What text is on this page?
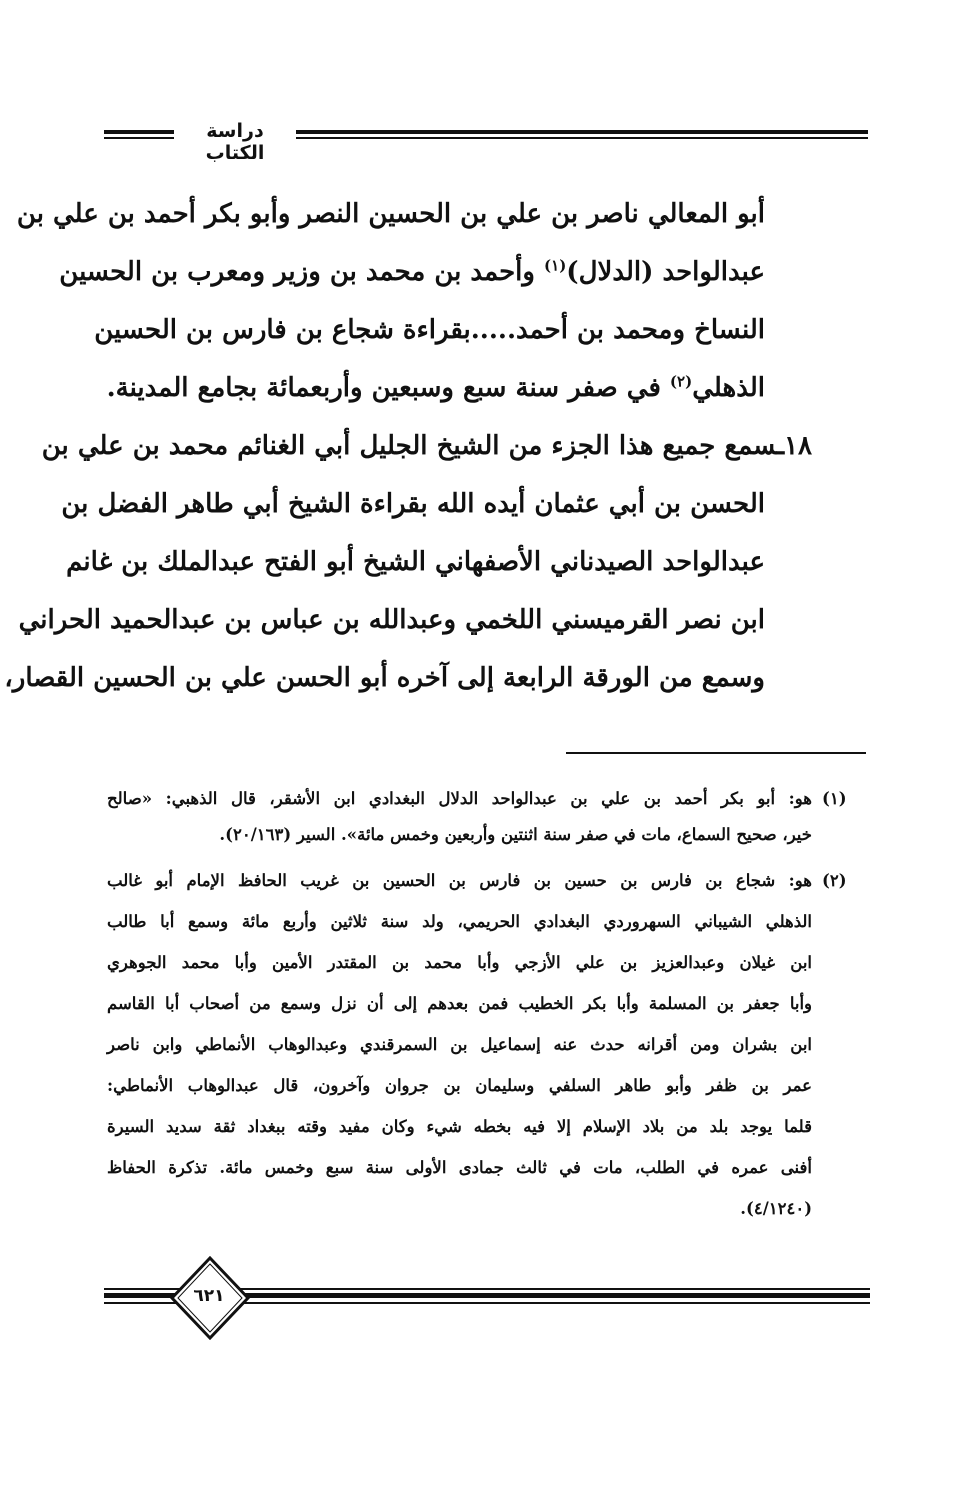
دراسة الكتاب
أبو المعالي ناصر بن علي بن الحسين النصر وأبو بكر أحمد بن علي بن
عبدالواحد (الدلال)$^{(١)}$ وأحمد بن محمد بن وزير ومعرب بن الحسين
النساخ ومحمد بن أحمد.....بقراءة شجاع بن فارس بن الحسين
الذهلي$^{(٢)}$ في صفر سنة سبع وسبعين وأربعمائة بجامع المدينة.
١٨ـسمع جميع هذا الجزء من الشيخ الجليل أبي الغنائم محمد بن علي بن
الحسن بن أبي عثمان أيده الله بقراءة الشيخ أبي طاهر الفضل بن
عبدالواحد الصيدناني الأصفهاني الشيخ أبو الفتح عبدالملك بن غانم
ابن نصر القرميسني اللخمي وعبدالله بن عباس بن عبدالحميد الحراني
وسمع من الورقة الرابعة إلى آخره أبو الحسن علي بن الحسين القصار،
(١)
هو: أبو بكر أحمد بن علي بن عبدالواحد الدلال البغدادي ابن الأشقر، قال الذهبي: «صالح
خير، صحيح السماع، مات في صفر سنة اثنتين وأربعين وخمس مائة». السير (٢٠/١٦٣).
(٢)
هو: شجاع بن فارس بن حسين بن فارس بن الحسين بن غريب الحافظ الإمام أبو غالب
الذهلي الشيباني السهروردي البغدادي الحريمي، ولد سنة ثلاثين وأربع مائة وسمع أبا طالب
ابن غيلان وعبدالعزيز بن علي الأزجي وأبا محمد بن المقتدر الأمين وأبا محمد الجوهري
وأبا جعفر بن المسلمة وأبا بكر الخطيب فمن بعدهم إلى أن نزل وسمع من أصحاب أبا القاسم
ابن بشران ومن أقرانه حدث عنه إسماعيل بن السمرقندي وعبدالوهاب الأنماطي وابن ناصر
عمر بن ظفر وأبو طاهر السلفي وسليمان بن جروان وآخرون، قال عبدالوهاب الأنماطي:
قلما يوجد بلد من بلاد الإسلام إلا فيه بخطه شيء وكان مفيد وقته ببغداد ثقة سديد السيرة
أفنى عمره في الطلب، مات في ثالث جمادى الأولى سنة سبع وخمس مائة. تذكرة الحفاظ
(٤/١٢٤٠).
٦٢١
